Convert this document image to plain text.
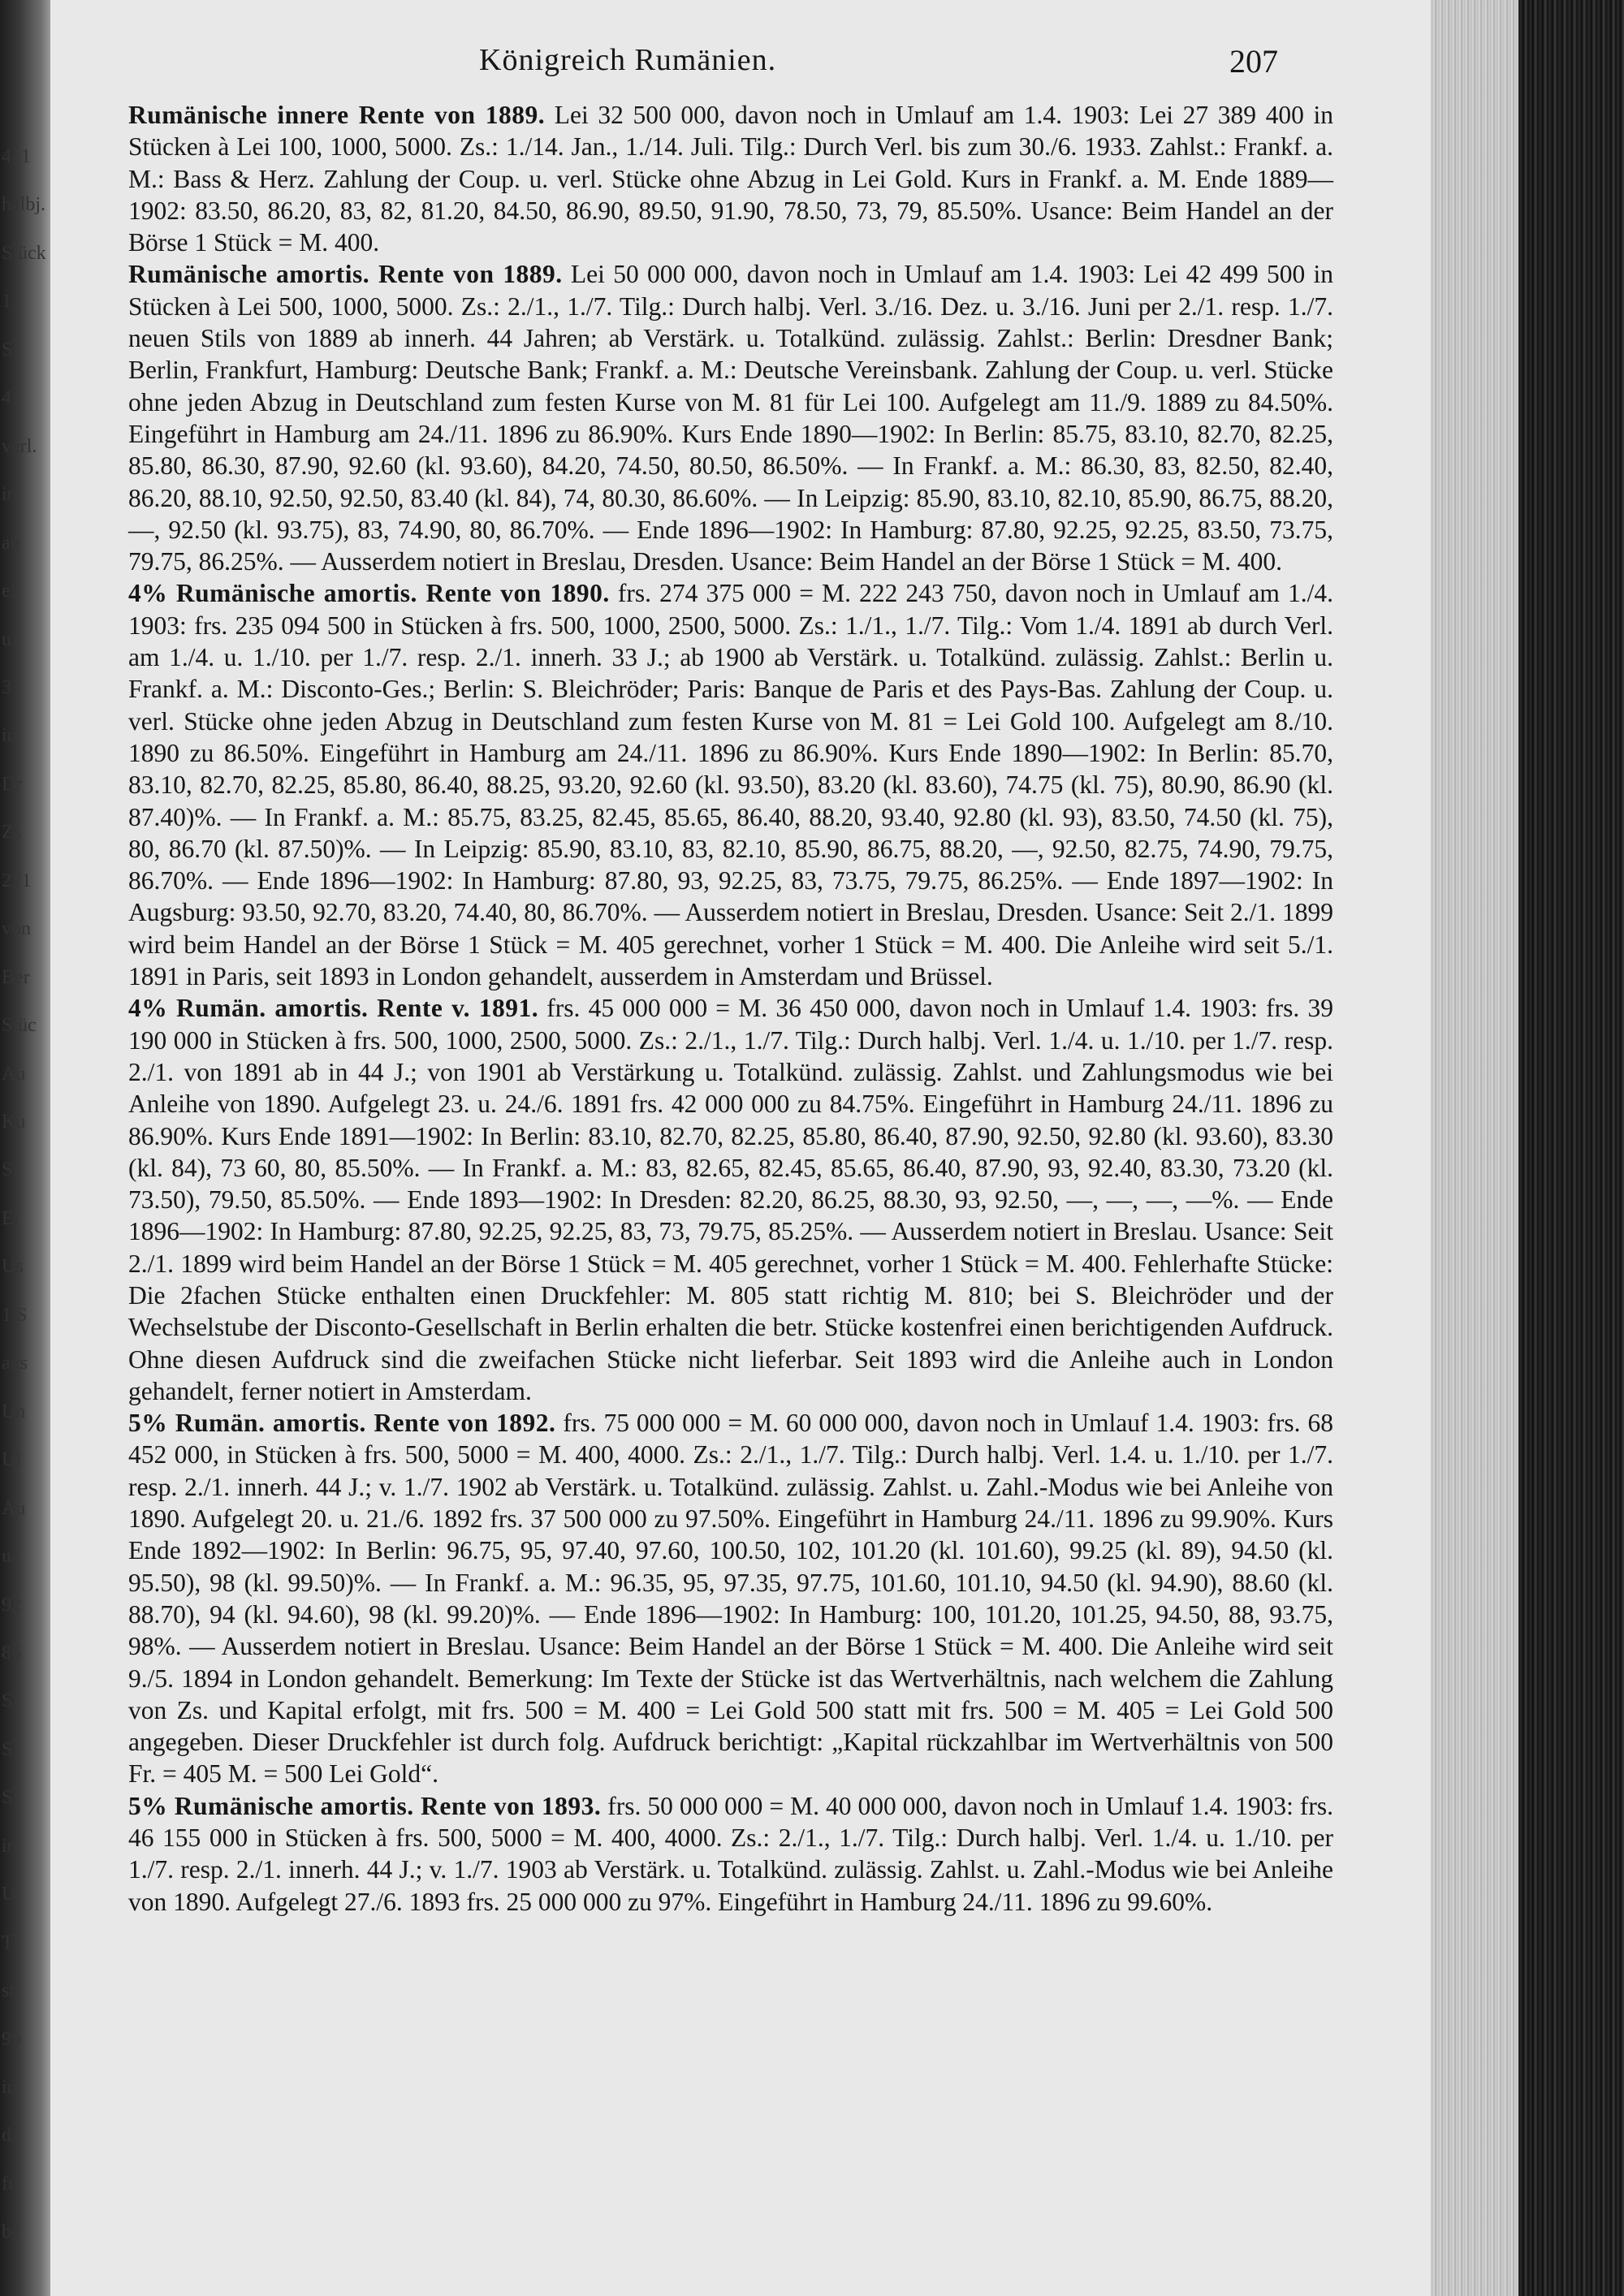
Königreich Rumänien.	207

Rumänische innere Rente von 1889. Lei 32 500 000, davon noch in Umlauf am 1.4. 1903: Lei 27 389 400 in Stücken à Lei 100, 1000, 5000. Zs.: 1./14. Jan., 1./14. Juli. Tilg.: Durch Verl. bis zum 30./6. 1933. Zahlst.: Frankf. a. M.: Bass & Herz. Zahlung der Coup. u. verl. Stücke ohne Abzug in Lei Gold. Kurs in Frankf. a. M. Ende 1889—1902: 83.50, 86.20, 83, 82, 81.20, 84.50, 86.90, 89.50, 91.90, 78.50, 73, 79, 85.50%. Usance: Beim Handel an der Börse 1 Stück = M. 400.

Rumänische amortis. Rente von 1889. Lei 50 000 000, davon noch in Umlauf am 1.4. 1903: Lei 42 499 500 in Stücken à Lei 500, 1000, 5000. Zs.: 2./1., 1./7. Tilg.: Durch halbj. Verl. 3./16. Dez. u. 3./16. Juni per 2./1. resp. 1./7. neuen Stils von 1889 ab innerh. 44 Jahren; ab Verstärk. u. Totalkünd. zulässig. Zahlst.: Berlin: Dresdner Bank; Berlin, Frankfurt, Hamburg: Deutsche Bank; Frankf. a. M.: Deutsche Vereinsbank. Zahlung der Coup. u. verl. Stücke ohne jeden Abzug in Deutschland zum festen Kurse von M. 81 für Lei 100. Aufgelegt am 11./9. 1889 zu 84.50%. Eingeführt in Hamburg am 24./11. 1896 zu 86.90%. Kurs Ende 1890—1902: In Berlin: 85.75, 83.10, 82.70, 82.25, 85.80, 86.30, 87.90, 92.60 (kl. 93.60), 84.20, 74.50, 80.50, 86.50%. — In Frankf. a. M.: 86.30, 83, 82.50, 82.40, 86.20, 88.10, 92.50, 92.50, 83.40 (kl. 84), 74, 80.30, 86.60%. — In Leipzig: 85.90, 83.10, 82.10, 85.90, 86.75, 88.20, —, 92.50 (kl. 93.75), 83, 74.90, 80, 86.70%. — Ende 1896—1902: In Hamburg: 87.80, 92.25, 92.25, 83.50, 73.75, 79.75, 86.25%. — Ausserdem notiert in Breslau, Dresden. Usance: Beim Handel an der Börse 1 Stück = M. 400.

4% Rumänische amortis. Rente von 1890. frs. 274 375 000 = M. 222 243 750, davon noch in Umlauf am 1./4. 1903: frs. 235 094 500 in Stücken à frs. 500, 1000, 2500, 5000. Zs.: 1./1., 1./7. Tilg.: Vom 1./4. 1891 ab durch Verl. am 1./4. u. 1./10. per 1./7. resp. 2./1. innerh. 33 J.; ab 1900 ab Verstärk. u. Totalkünd. zulässig. Zahlst.: Berlin u. Frankf. a. M.: Disconto-Ges.; Berlin: S. Bleichröder; Paris: Banque de Paris et des Pays-Bas. Zahlung der Coup. u. verl. Stücke ohne jeden Abzug in Deutschland zum festen Kurse von M. 81 = Lei Gold 100. Aufgelegt am 8./10. 1890 zu 86.50%. Eingeführt in Hamburg am 24./11. 1896 zu 86.90%. Kurs Ende 1890—1902: In Berlin: 85.70, 83.10, 82.70, 82.25, 85.80, 86.40, 88.25, 93.20, 92.60 (kl. 93.50), 83.20 (kl. 83.60), 74.75 (kl. 75), 80.90, 86.90 (kl. 87.40)%. — In Frankf. a. M.: 85.75, 83.25, 82.45, 85.65, 86.40, 88.20, 93.40, 92.80 (kl. 93), 83.50, 74.50 (kl. 75), 80, 86.70 (kl. 87.50)%. — In Leipzig: 85.90, 83.10, 83, 82.10, 85.90, 86.75, 88.20, —, 92.50, 82.75, 74.90, 79.75, 86.70%. — Ende 1896—1902: In Hamburg: 87.80, 93, 92.25, 83, 73.75, 79.75, 86.25%. — Ende 1897—1902: In Augsburg: 93.50, 92.70, 83.20, 74.40, 80, 86.70%. — Ausserdem notiert in Breslau, Dresden. Usance: Seit 2./1. 1899 wird beim Handel an der Börse 1 Stück = M. 405 gerechnet, vorher 1 Stück = M. 400. Die Anleihe wird seit 5./1. 1891 in Paris, seit 1893 in London gehandelt, ausserdem in Amsterdam und Brüssel.

4% Rumän. amortis. Rente v. 1891. frs. 45 000 000 = M. 36 450 000, davon noch in Umlauf 1.4. 1903: frs. 39 190 000 in Stücken à frs. 500, 1000, 2500, 5000. Zs.: 2./1., 1./7. Tilg.: Durch halbj. Verl. 1./4. u. 1./10. per 1./7. resp. 2./1. von 1891 ab in 44 J.; von 1901 ab Verstärkung u. Totalkünd. zulässig. Zahlst. und Zahlungsmodus wie bei Anleihe von 1890. Aufgelegt 23. u. 24./6. 1891 frs. 42 000 000 zu 84.75%. Eingeführt in Hamburg 24./11. 1896 zu 86.90%. Kurs Ende 1891—1902: In Berlin: 83.10, 82.70, 82.25, 85.80, 86.40, 87.90, 92.50, 92.80 (kl. 93.60), 83.30 (kl. 84), 73 60, 80, 85.50%. — In Frankf. a. M.: 83, 82.65, 82.45, 85.65, 86.40, 87.90, 93, 92.40, 83.30, 73.20 (kl. 73.50), 79.50, 85.50%. — Ende 1893—1902: In Dresden: 82.20, 86.25, 88.30, 93, 92.50, —, —, —, —%. — Ende 1896—1902: In Hamburg: 87.80, 92.25, 92.25, 83, 73, 79.75, 85.25%. — Ausserdem notiert in Breslau. Usance: Seit 2./1. 1899 wird beim Handel an der Börse 1 Stück = M. 405 gerechnet, vorher 1 Stück = M. 400. Fehlerhafte Stücke: Die 2fachen Stücke enthalten einen Druckfehler: M. 805 statt richtig M. 810; bei S. Bleichröder und der Wechselstube der Disconto-Gesellschaft in Berlin erhalten die betr. Stücke kostenfrei einen berichtigenden Aufdruck. Ohne diesen Aufdruck sind die zweifachen Stücke nicht lieferbar. Seit 1893 wird die Anleihe auch in London gehandelt, ferner notiert in Amsterdam.

5% Rumän. amortis. Rente von 1892. frs. 75 000 000 = M. 60 000 000, davon noch in Umlauf 1.4. 1903: frs. 68 452 000, in Stücken à frs. 500, 5000 = M. 400, 4000. Zs.: 2./1., 1./7. Tilg.: Durch halbj. Verl. 1.4. u. 1./10. per 1./7. resp. 2./1. innerh. 44 J.; v. 1./7. 1902 ab Verstärk. u. Totalkünd. zulässig. Zahlst. u. Zahl.-Modus wie bei Anleihe von 1890. Aufgelegt 20. u. 21./6. 1892 frs. 37 500 000 zu 97.50%. Eingeführt in Hamburg 24./11. 1896 zu 99.90%. Kurs Ende 1892—1902: In Berlin: 96.75, 95, 97.40, 97.60, 100.50, 102, 101.20 (kl. 101.60), 99.25 (kl. 89), 94.50 (kl. 95.50), 98 (kl. 99.50)%. — In Frankf. a. M.: 96.35, 95, 97.35, 97.75, 101.60, 101.10, 94.50 (kl. 94.90), 88.60 (kl. 88.70), 94 (kl. 94.60), 98 (kl. 99.20)%. — Ende 1896—1902: In Hamburg: 100, 101.20, 101.25, 94.50, 88, 93.75, 98%. — Ausserdem notiert in Breslau. Usance: Beim Handel an der Börse 1 Stück = M. 400. Die Anleihe wird seit 9./5. 1894 in London gehandelt. Bemerkung: Im Texte der Stücke ist das Wertverhältnis, nach welchem die Zahlung von Zs. und Kapital erfolgt, mit frs. 500 = M. 400 = Lei Gold 500 statt mit frs. 500 = M. 405 = Lei Gold 500 angegeben. Dieser Druckfehler ist durch folg. Aufdruck berichtigt: „Kapital rückzahlbar im Wertverhältnis von 500 Fr. = 405 M. = 500 Lei Gold“.

5% Rumänische amortis. Rente von 1893. frs. 50 000 000 = M. 40 000 000, davon noch in Umlauf 1.4. 1903: frs. 46 155 000 in Stücken à frs. 500, 5000 = M. 400, 4000. Zs.: 2./1., 1./7. Tilg.: Durch halbj. Verl. 1./4. u. 1./10. per 1./7. resp. 2./1. innerh. 44 J.; v. 1./7. 1903 ab Verstärk. u. Totalkünd. zulässig. Zahlst. u. Zahl.-Modus wie bei Anleihe von 1890. Aufgelegt 27./6. 1893 frs. 25 000 000 zu 97%. Eingeführt in Hamburg 24./11. 1896 zu 99.60%.

4. 1
halbj.
Stück
1.
St
4.
verl.
in
au
ei
u
3.
in
Dr
Zs
2./1
von
Ber
Stüc
Au
Ku
St
Ei
Us
1 S
aus
Un
Ul
Au
ur
92
86
St
S.
St
in
U
T
st
99
in
di
fr
be
